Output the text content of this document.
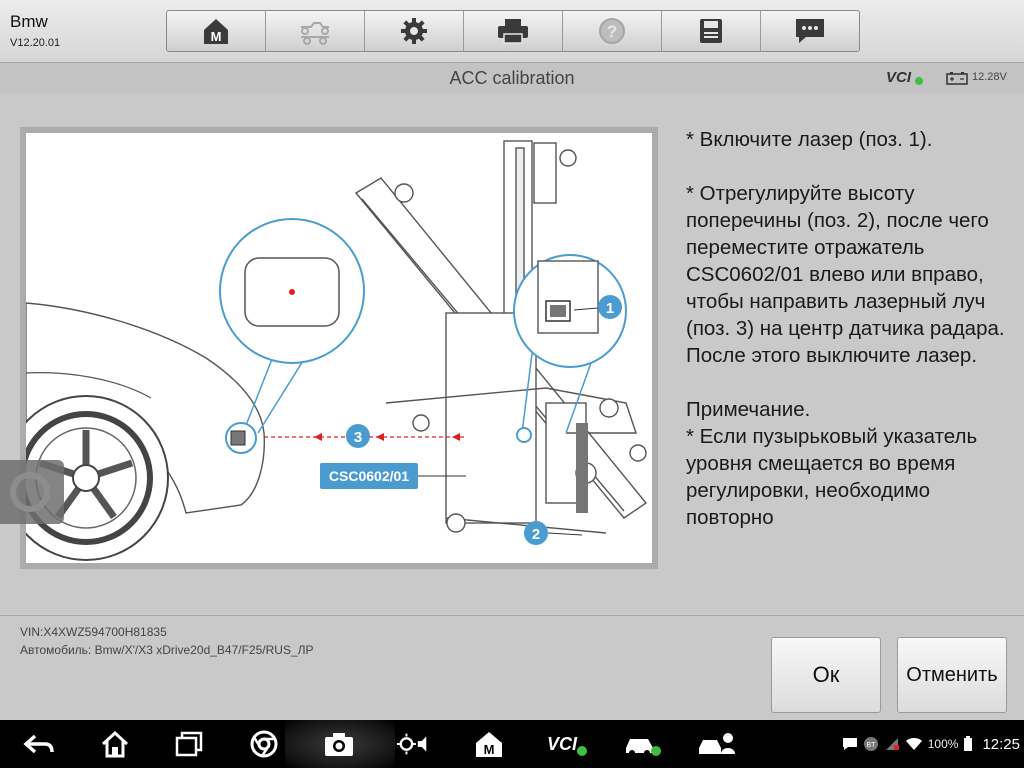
Bmw
V12.20.01	M	?
ACC calibration	VCI	12.28V
CSC0602/01
3
1
2

* Включите лазер (поз. 1).

* Отрегулируйте высоту поперечины (поз. 2), после чего переместите отражатель CSC0602/01 влево или вправо, чтобы направить лазерный луч (поз. 3) на центр датчика радара. После этого выключите лазер.

Примечание.

* Если пузырьковый указатель уровня смещается во время регулировки, необходимо повторно

VIN:X4XWZ594700H81835
Автомобиль: Bmw/X'/X3 xDrive20d_B47/F25/RUS_ЛР
Ок	Отменить
M	VCI	BT	100% 12:25
